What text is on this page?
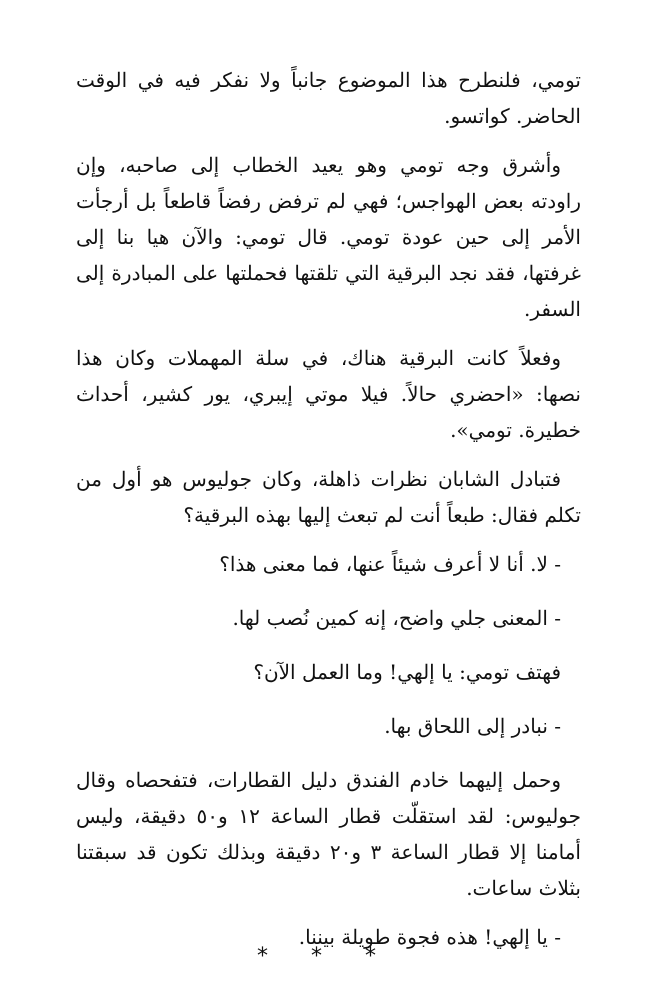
تومي، فلنطرح هذا الموضوع جانباً ولا نفكر فيه في الوقت الحاضر. كواتسو.

وأشرق وجه تومي وهو يعيد الخطاب إلى صاحبه، وإن راودته بعض الهواجس؛ فهي لم ترفض رفضاً قاطعاً بل أرجأت الأمر إلى حين عودة تومي. قال تومي: والآن هيا بنا إلى غرفتها، فقد نجد البرقية التي تلقتها فحملتها على المبادرة إلى السفر.

وفعلاً كانت البرقية هناك، في سلة المهملات وكان هذا نصها: «احضري حالاً. فيلا موتي إيبري، يور كشير، أحداث خطيرة. تومي».

فتبادل الشابان نظرات ذاهلة، وكان جوليوس هو أول من تكلم فقال: طبعاً أنت لم تبعث إليها بهذه البرقية؟

- لا. أنا لا أعرف شيئاً عنها، فما معنى هذا؟

- المعنى جلي واضح، إنه كمين نُصب لها.

فهتف تومي: يا إلهي! وما العمل الآن؟

- نبادر إلى اللحاق بها.

وحمل إليهما خادم الفندق دليل القطارات، فتفحصاه وقال جوليوس: لقد استقلّت قطار الساعة ١٢ و٥٠ دقيقة، وليس أمامنا إلا قطار الساعة ٣ و٢٠ دقيقة وبذلك تكون قد سبقتنا بثلاث ساعات.

- يا إلهي! هذه فجوة طويلة بيننا.

* * *
